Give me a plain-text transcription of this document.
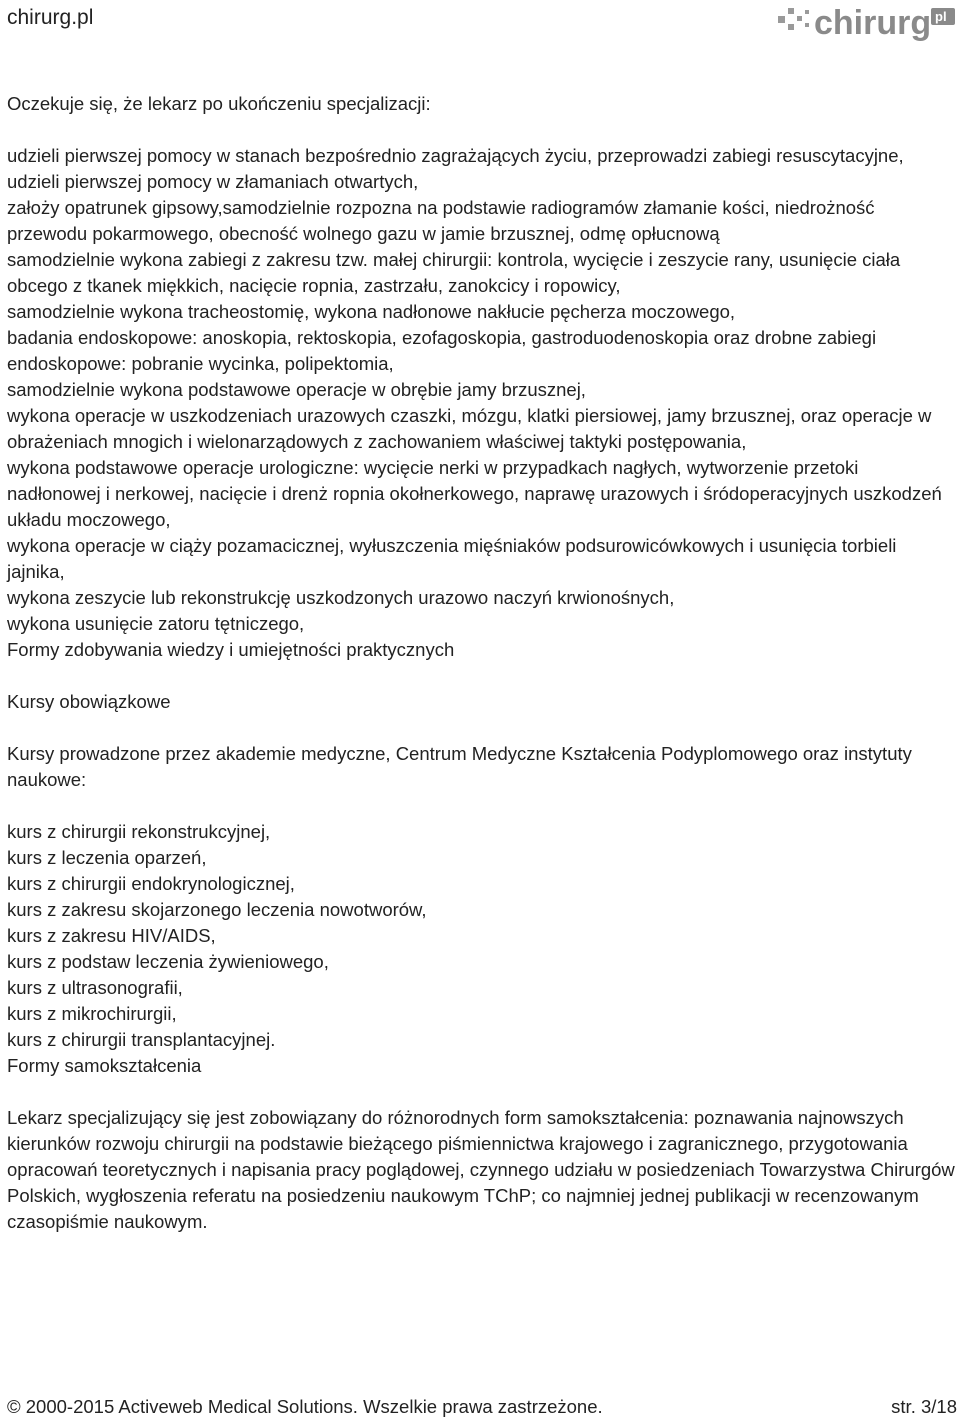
chirurg.pl	chirurg pl

Oczekuje się, że lekarz po ukończeniu specjalizacji:

udzieli pierwszej pomocy w stanach bezpośrednio zagrażających życiu, przeprowadzi zabiegi resuscytacyjne,

udzieli pierwszej pomocy w złamaniach otwartych,

założy opatrunek gipsowy,samodzielnie rozpozna na podstawie radiogramów złamanie kości, niedrożność przewodu pokarmowego, obecność wolnego gazu w jamie brzusznej, odmę opłucnową

samodzielnie wykona zabiegi z zakresu tzw. małej chirurgii: kontrola, wycięcie i zeszycie rany, usunięcie ciała obcego z tkanek miękkich, nacięcie ropnia, zastrzału, zanokcicy i ropowicy,

samodzielnie wykona tracheostomię, wykona nadłonowe nakłucie pęcherza moczowego,

badania endoskopowe: anoskopia, rektoskopia, ezofagoskopia, gastroduodenoskopia oraz drobne zabiegi endoskopowe: pobranie wycinka, polipektomia,

samodzielnie wykona podstawowe operacje w obrębie jamy brzusznej,

wykona operacje w uszkodzeniach urazowych czaszki, mózgu, klatki piersiowej, jamy brzusznej, oraz operacje w obrażeniach mnogich i wielonarządowych z zachowaniem właściwej taktyki postępowania,

wykona podstawowe operacje urologiczne: wycięcie nerki w przypadkach nagłych, wytworzenie przetoki nadłonowej i nerkowej, nacięcie i drenż ropnia okołnerkowego, naprawę urazowych i śródoperacyjnych uszkodzeń układu moczowego,

wykona operacje w ciąży pozamacicznej, wyłuszczenia mięśniaków podsurowicówkowych i usunięcia torbieli jajnika,

wykona zeszycie lub rekonstrukcję uszkodzonych urazowo naczyń krwionośnych,

wykona usunięcie zatoru tętniczego,

Formy zdobywania wiedzy i umiejętności praktycznych

Kursy obowiązkowe

Kursy prowadzone przez akademie medyczne, Centrum Medyczne Kształcenia Podyplomowego oraz instytuty naukowe:

kurs z chirurgii rekonstrukcyjnej,

kurs z leczenia oparzeń,

kurs z chirurgii endokrynologicznej,

kurs z zakresu skojarzonego leczenia nowotworów,

kurs z zakresu HIV/AIDS,

kurs z podstaw leczenia żywieniowego,

kurs z ultrasonografii,

kurs z mikrochirurgii,

kurs z chirurgii transplantacyjnej.

Formy samokształcenia

Lekarz specjalizujący się jest zobowiązany do różnorodnych form samokształcenia: poznawania najnowszych kierunków rozwoju chirurgii na podstawie bieżącego piśmiennictwa krajowego i zagranicznego, przygotowania opracowań teoretycznych i napisania pracy poglądowej, czynnego udziału w posiedzeniach Towarzystwa Chirurgów Polskich, wygłoszenia referatu na posiedzeniu naukowym TChP; co najmniej jednej publikacji w recenzowanym czasopiśmie naukowym.

© 2000-2015 Activeweb Medical Solutions. Wszelkie prawa zastrzeżone.	str. 3/18
